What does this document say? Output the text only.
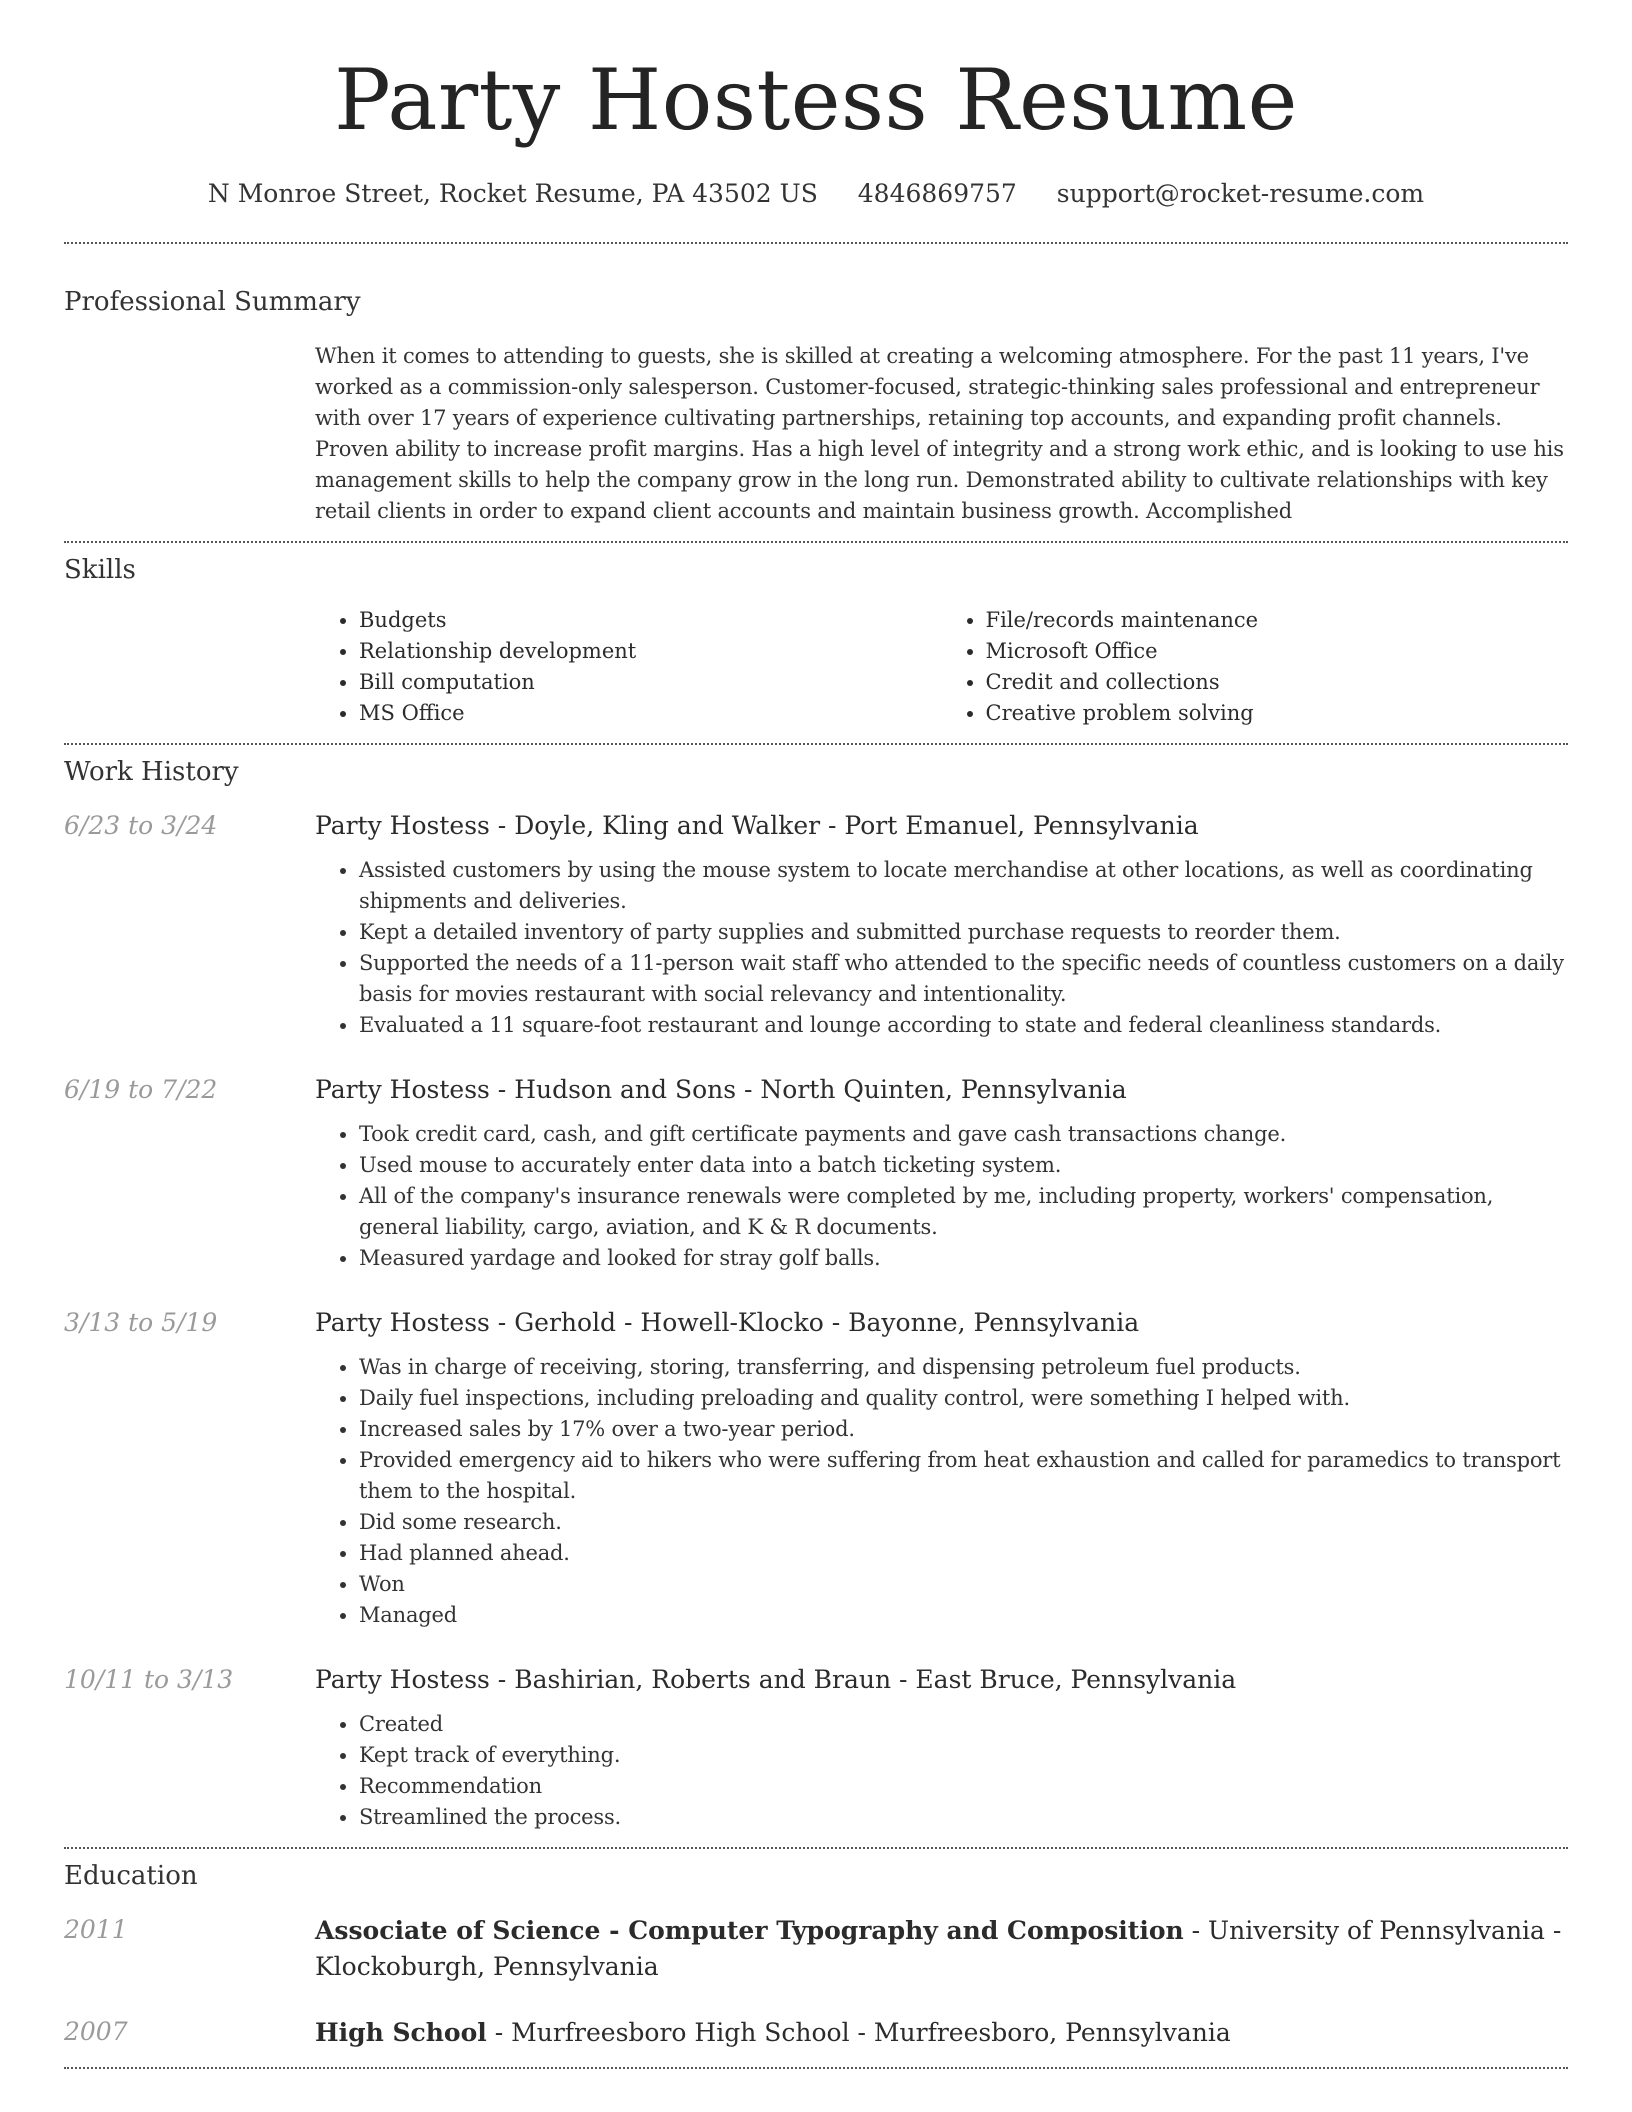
Party Hostess Resume
N Monroe Street, Rocket Resume, PA 43502 US 4846869757 support@rocket-resume.com
Professional Summary
When it comes to attending to guests, she is skilled at creating a welcoming atmosphere. For the past 11 years, I've worked as a commission-only salesperson. Customer-focused, strategic-thinking sales professional and entrepreneur with over 17 years of experience cultivating partnerships, retaining top accounts, and expanding profit channels. Proven ability to increase profit margins. Has a high level of integrity and a strong work ethic, and is looking to use his management skills to help the company grow in the long run. Demonstrated ability to cultivate relationships with key retail clients in order to expand client accounts and maintain business growth. Accomplished
Skills
• Budgets
• Relationship development
• Bill computation
• MS Office
• File/records maintenance
• Microsoft Office
• Credit and collections
• Creative problem solving
Work History
6/23 to 3/24	Party Hostess - Doyle, Kling and Walker - Port Emanuel, Pennsylvania
• Assisted customers by using the mouse system to locate merchandise at other locations, as well as coordinating shipments and deliveries.
• Kept a detailed inventory of party supplies and submitted purchase requests to reorder them.
• Supported the needs of a 11-person wait staff who attended to the specific needs of countless customers on a daily basis for movies restaurant with social relevancy and intentionality.
• Evaluated a 11 square-foot restaurant and lounge according to state and federal cleanliness standards.
6/19 to 7/22	Party Hostess - Hudson and Sons - North Quinten, Pennsylvania
• Took credit card, cash, and gift certificate payments and gave cash transactions change.
• Used mouse to accurately enter data into a batch ticketing system.
• All of the company's insurance renewals were completed by me, including property, workers' compensation, general liability, cargo, aviation, and K & R documents.
• Measured yardage and looked for stray golf balls.
3/13 to 5/19	Party Hostess - Gerhold - Howell-Klocko - Bayonne, Pennsylvania
• Was in charge of receiving, storing, transferring, and dispensing petroleum fuel products.
• Daily fuel inspections, including preloading and quality control, were something I helped with.
• Increased sales by 17% over a two-year period.
• Provided emergency aid to hikers who were suffering from heat exhaustion and called for paramedics to transport them to the hospital.
• Did some research.
• Had planned ahead.
• Won
• Managed
10/11 to 3/13	Party Hostess - Bashirian, Roberts and Braun - East Bruce, Pennsylvania
• Created
• Kept track of everything.
• Recommendation
• Streamlined the process.
Education
2011	Associate of Science - Computer Typography and Composition - University of Pennsylvania - Klockoburgh, Pennsylvania
2007	High School - Murfreesboro High School - Murfreesboro, Pennsylvania
